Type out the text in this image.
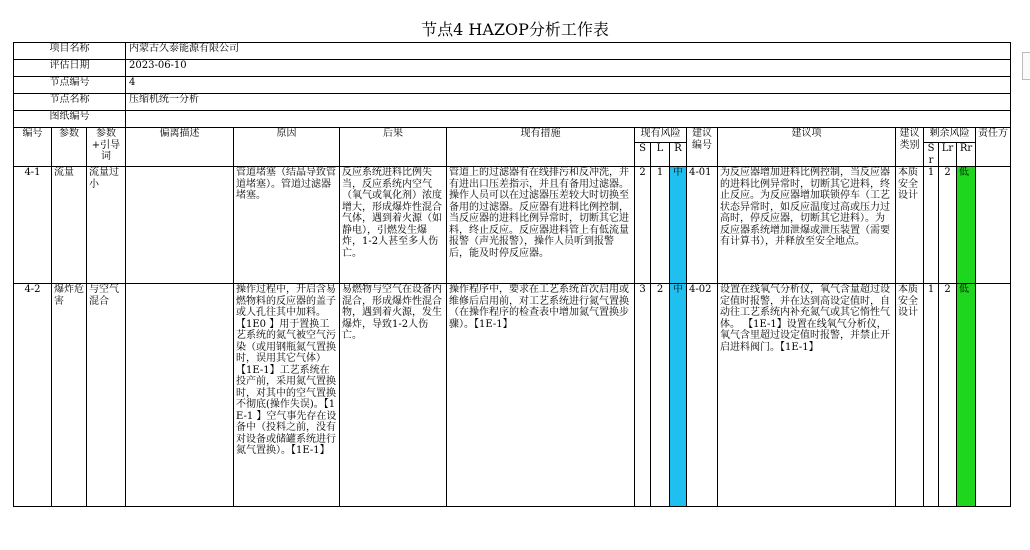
节点4 HAZOP分析工作表
项目名称			内蒙古久泰能源有限公司													
评估日期			2023-06-10													
节点编号			4													
节点名称			压缩机统一分析													
图纸编号																
编号	参数	参数+引导词	偏离描述	原因	后果	现有措施	现有风险			建议编号	建议项	建议类别	剩余风险			责任方
							S	L	R				Sr	Lr	Rr	
4-1	流量	流量过小		管道堵塞（结晶导致管道堵塞）。管道过滤器堵塞。	反应系统进料比例失当，反应系统内空气（氧气或氧化剂）浓度增大，形成爆炸性混合气体，遇到着火源（如静电），引燃发生爆炸，1-2人甚至多人伤亡。	管道上的过滤器有在线排污和反冲洗，并有进出口压差指示，并且有备用过滤器。操作人员可以在过滤器压差较大时切换至备用的过滤器。反应器有进料比例控制，当反应器的进料比例异常时，切断其它进料，终止反应。反应器进料管上有低流量报警（声光报警），操作人员听到报警后，能及时停反应器。	2	1	中	4-01	为反应器增加进料比例控制，当反应器的进料比例异常时，切断其它进料，终止反应。为反应器增加联锁停车（工艺状态异常时，如反应温度过高或压力过高时，停反应器，切断其它进料）。为反应器系统增加泄爆或泄压装置（需要有计算书），并释放至安全地点。	本质安全设计	1	2	低	
4-2	爆炸危害	与空气混合		操作过程中，开启含易燃物料的反应器的盖子或人孔往其中加料。【1E0 】用于置换工艺系统的氮气被空气污染（或用钢瓶氮气置换时，误用其它气体）【1E-1】工艺系统在投产前，采用氮气置换时，对其中的空气置换不彻底(操作失误)。【1E-1 】空气事先存在设备中（投料之前，没有对设备或储罐系统进行氮气置换）。【1E-1】	易燃物与空气在设备内混合，形成爆炸性混合物，遇到着火源，发生爆炸，导致1-2人伤亡。	操作程序中，要求在工艺系统首次启用或维修后启用前，对工艺系统进行氮气置换（在操作程序的检查表中增加氮气置换步骤）。【1E-1】	3	2	中	4-02	设置在线氧气分析仪，氧气含量超过设定值时报警，并在达到高设定值时，自动往工艺系统内补充氮气或其它惰性气体。 【1E-1】设置在线氧气分析仪，氧气含里超过设定值时报警，并禁止开启进料阀门。【1E-1】	本质安全设计	1	2	低	
